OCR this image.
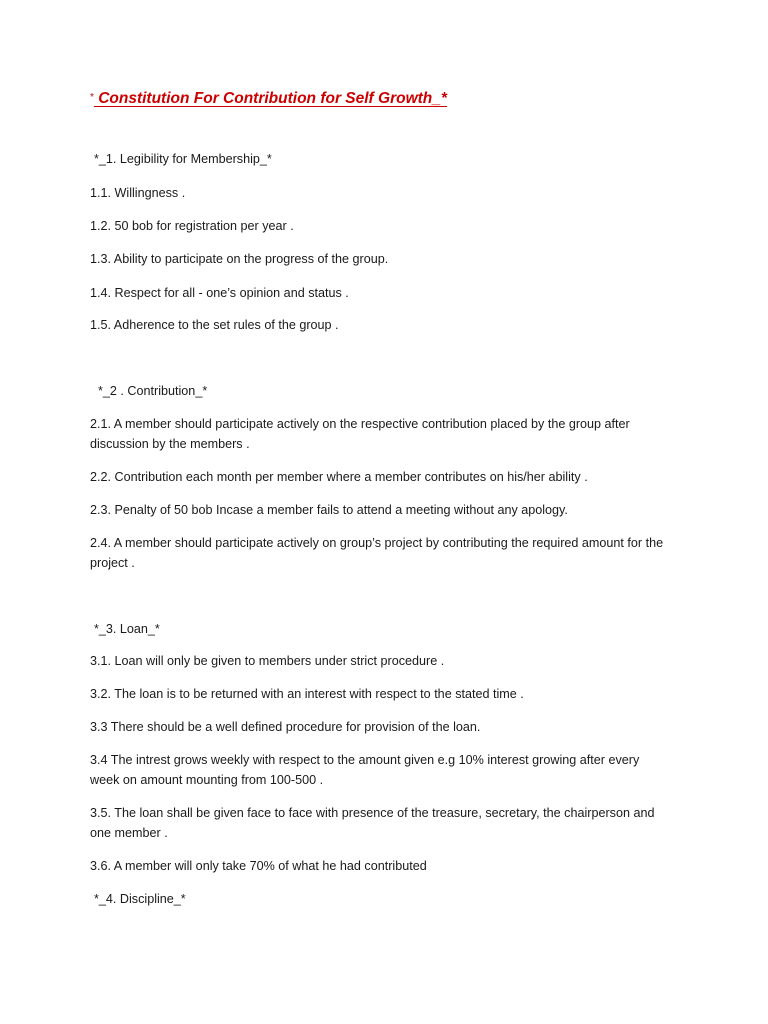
* Constitution For Contribution for Self Growth_*
*_1. Legibility for Membership_*
1.1. Willingness .
1.2. 50 bob for registration per year .
1.3. Ability to participate on the progress of the group.
1.4. Respect for all - one’s opinion and status .
1.5. Adherence to the set rules of the group .
*_2 . Contribution_*
2.1. A member should participate actively on the respective contribution placed by the group after discussion by the members .
2.2. Contribution each month per member where a member contributes on his/her ability .
2.3. Penalty of 50 bob Incase a member fails to attend a meeting without any apology.
2.4. A member should participate actively on group’s project by contributing the required amount for the project .
*_3. Loan_*
3.1. Loan will only be given to members under strict procedure .
3.2. The loan is to be returned with an interest with respect to the stated time .
3.3 There should be a well defined procedure for provision of the loan.
3.4 The intrest grows weekly with respect to the amount given e.g 10% interest growing after every week on amount mounting from 100-500 .
3.5. The loan shall be given face to face with presence of the treasure, secretary, the chairperson and one member .
3.6. A member will only take 70% of what he had contributed
*_4. Discipline_*
